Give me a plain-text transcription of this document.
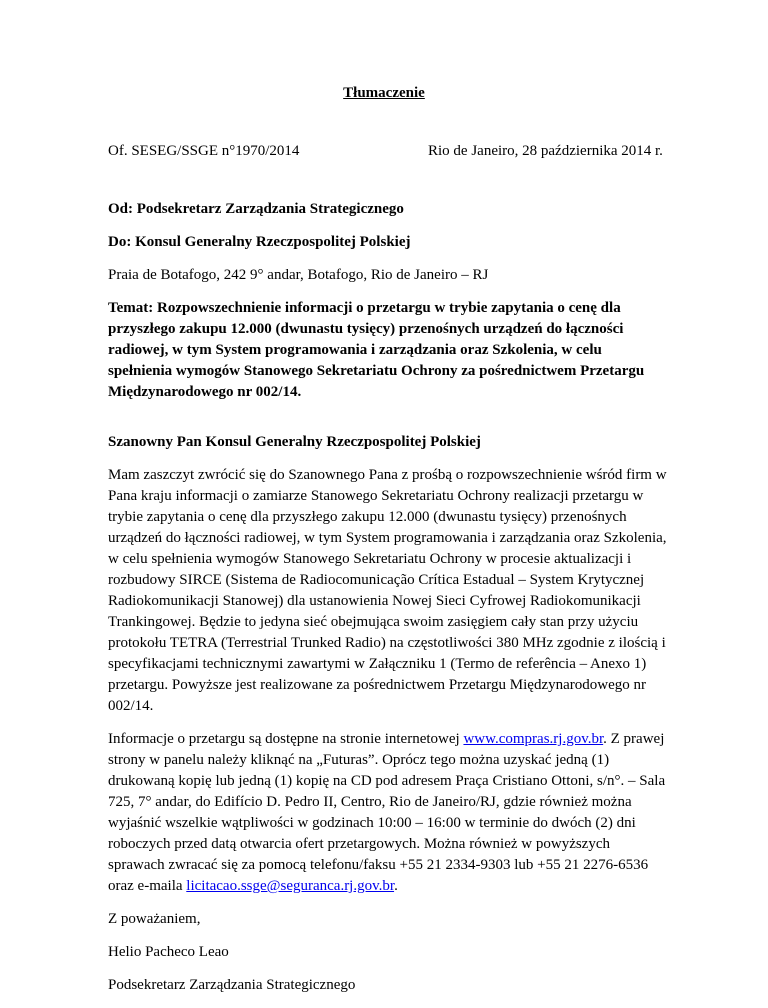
Tłumaczenie
Of. SESEG/SSGE n°1970/2014	Rio de Janeiro, 28 października 2014 r.

Od: Podsekretarz Zarządzania Strategicznego

Do: Konsul Generalny Rzeczpospolitej Polskiej

Praia de Botafogo, 242 9° andar, Botafogo, Rio de Janeiro – RJ

Temat: Rozpowszechnienie informacji o przetargu w trybie zapytania o cenę dla przyszłego zakupu 12.000 (dwunastu tysięcy) przenośnych urządzeń do łączności radiowej, w tym System programowania i zarządzania oraz Szkolenia, w celu spełnienia wymogów Stanowego Sekretariatu Ochrony za pośrednictwem Przetargu Międzynarodowego nr 002/14.

Szanowny Pan Konsul Generalny Rzeczpospolitej Polskiej

Mam zaszczyt zwrócić się do Szanownego Pana z prośbą o rozpowszechnienie wśród firm w Pana kraju informacji o zamiarze Stanowego Sekretariatu Ochrony realizacji przetargu w trybie zapytania o cenę dla przyszłego zakupu 12.000 (dwunastu tysięcy) przenośnych urządzeń do łączności radiowej, w tym System programowania i zarządzania oraz Szkolenia, w celu spełnienia wymogów Stanowego Sekretariatu Ochrony w procesie aktualizacji i rozbudowy SIRCE (Sistema de Radiocomunicação Crítica Estadual – System Krytycznej Radiokomunikacji Stanowej) dla ustanowienia Nowej Sieci Cyfrowej Radiokomunikacji Trankingowej. Będzie to jedyna sieć obejmująca swoim zasięgiem cały stan przy użyciu protokołu TETRA (Terrestrial Trunked Radio) na częstotliwości 380 MHz zgodnie z ilością i specyfikacjami technicznymi zawartymi w Załączniku 1 (Termo de referência – Anexo 1) przetargu. Powyższe jest realizowane za pośrednictwem Przetargu Międzynarodowego nr 002/14.

Informacje o przetargu są dostępne na stronie internetowej www.compras.rj.gov.br. Z prawej strony w panelu należy kliknąć na „Futuras”. Oprócz tego można uzyskać jedną (1) drukowaną kopię lub jedną (1) kopię na CD pod adresem Praça Cristiano Ottoni, s/n°. – Sala 725, 7° andar, do Edifício D. Pedro II, Centro, Rio de Janeiro/RJ, gdzie również można wyjaśnić wszelkie wątpliwości w godzinach 10:00 – 16:00 w terminie do dwóch (2) dni roboczych przed datą otwarcia ofert przetargowych. Można również w powyższych sprawach zwracać się za pomocą telefonu/faksu +55 21 2334-9303 lub +55 21 2276-6536 oraz e-maila licitacao.ssge@seguranca.rj.gov.br.

Z poważaniem,

Helio Pacheco Leao

Podsekretarz Zarządzania Strategicznego
